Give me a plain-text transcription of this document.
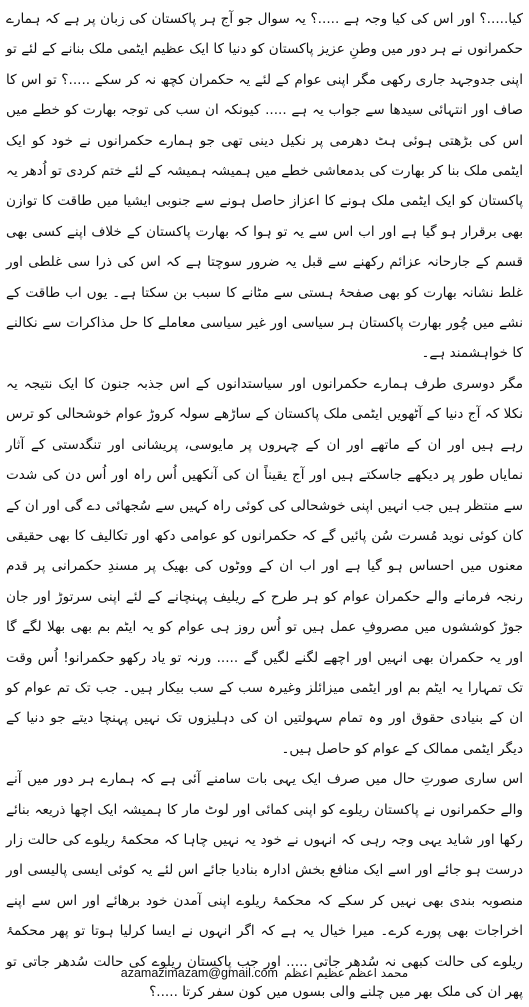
کیا.....؟ اور اس کی کیا وجہ ہے .....؟ یہ سوال جو آج ہر پاکستان کی زبان پر ہے کہ ہمارے حکمرانوں نے ہر دور میں وطنِ عزیز پاکستان کو دنیا کا ایک عظیم ایٹمی ملک بنانے کے لئے تو اپنی جدوجہد جاری رکھی مگر اپنی عوام کے لئے یہ حکمران کچھ نہ کر سکے .....؟ تو اس کا صاف اور انتہائی سیدھا سے جواب یہ ہے ..... کیونکہ ان سب کی توجہ بھارت کو خطے میں اس کی بڑھتی ہوئی ہٹ دھرمی پر نکیل دینی تھی جو ہمارے حکمرانوں نے خود کو ایک ایٹمی ملک بنا کر بھارت کی بدمعاشی خطے میں ہمیشہ ہمیشہ کے لئے ختم کردی تو اُدھر یہ پاکستان کو ایک ایٹمی ملک ہونے کا اعزاز حاصل ہونے سے جنوبی ایشیا میں طاقت کا توازن بھی برقرار ہو گیا ہے اور اب اس سے یہ تو ہوا کہ بھارت پاکستان کے خلاف اپنے کسی بھی قسم کے جارحانہ عزائم رکھنے سے قبل یہ ضرور سوچتا ہے کہ اس کی ذرا سی غلطی اور غلط نشانہ بھارت کو بھی صفحۂ ہستی سے مٹانے کا سبب بن سکتا ہے۔ یوں اب طاقت کے نشے میں چُور بھارت پاکستان ہر سیاسی اور غیر سیاسی معاملے کا حل مذاکرات سے نکالنے کا خواہشمند ہے۔

مگر دوسری طرف ہمارے حکمرانوں اور سیاستدانوں کے اس جذبہ جنون کا ایک نتیجہ یہ نکلا کہ آج دنیا کے آٹھویں ایٹمی ملک پاکستان کے ساڑھے سولہ کروڑ عوام خوشحالی کو ترس رہے ہیں اور ان کے ماتھے اور ان کے چہروں پر مایوسی، پریشانی اور تنگدستی کے آثار نمایاں طور پر دیکھے جاسکتے ہیں اور آج یقیناً ان کی آنکھیں اُس راہ اور اُس دن کی شدت سے منتظر ہیں جب انہیں اپنی خوشحالی کی کوئی راہ کہیں سے سُجھائی دے گی اور ان کے کان کوئی نوید مُسرت سُن پائیں گے کہ حکمرانوں کو عوامی دکھ اور تکالیف کا بھی حقیقی معنوں میں احساس ہو گیا ہے اور اب ان کے ووٹوں کی بھیک پر مسندِ حکمرانی پر قدم رنجہ فرمانے والے حکمران عوام کو ہر طرح کے ریلیف پہنچانے کے لئے اپنی سرتوڑ اور جان جوڑ کوششوں میں مصروفِ عمل ہیں تو اُس روز ہی عوام کو یہ ایٹم بم بھی بھلا لگے گا اور یہ حکمران بھی انہیں اور اچھے لگنے لگیں گے ..... ورنہ تو یاد رکھو حکمرانو! اُس وقت تک تمہارا یہ ایٹم بم اور ایٹمی میزائلز وغیرہ سب کے سب بیکار ہیں۔ جب تک تم عوام کو ان کے بنیادی حقوق اور وہ تمام سہولتیں ان کی دہلیزوں تک نہیں پہنچا دیتے جو دنیا کے دیگر ایٹمی ممالک کے عوام کو حاصل ہیں۔

اس ساری صورتِ حال میں صرف ایک یہی بات سامنے آئی ہے کہ ہمارے ہر دور میں آنے والے حکمرانوں نے پاکستان ریلوے کو اپنی کمائی اور لوٹ مار کا ہمیشہ ایک اچھا ذریعہ بنائے رکھا اور شاید یہی وجہ رہی کہ انہوں نے خود یہ نہیں چاہا کہ محکمۂ ریلوے کی حالت زار درست ہو جائے اور اسے ایک منافع بخش ادارہ بنادیا جائے اس لئے یہ کوئی ایسی پالیسی اور منصوبہ بندی بھی نہیں کر سکے کہ محکمۂ ریلوے اپنی آمدن خود برھائے اور اس سے اپنے اخراجات بھی پورے کرے۔ میرا خیال یہ ہے کہ اگر انہوں نے ایسا کرلیا ہوتا تو پھر محکمۂ ریلوے کی حالت کبھی نہ سُدھر جاتی ..... اور جب پاکستان ریلوے کی حالت سُدھر جاتی تو پھر ان کی ملک بھر میں چلنے والی بسوں میں کون سفر کرتا .....؟

azamazimazam@gmail.com محمد اعظم عظیم اعظم
